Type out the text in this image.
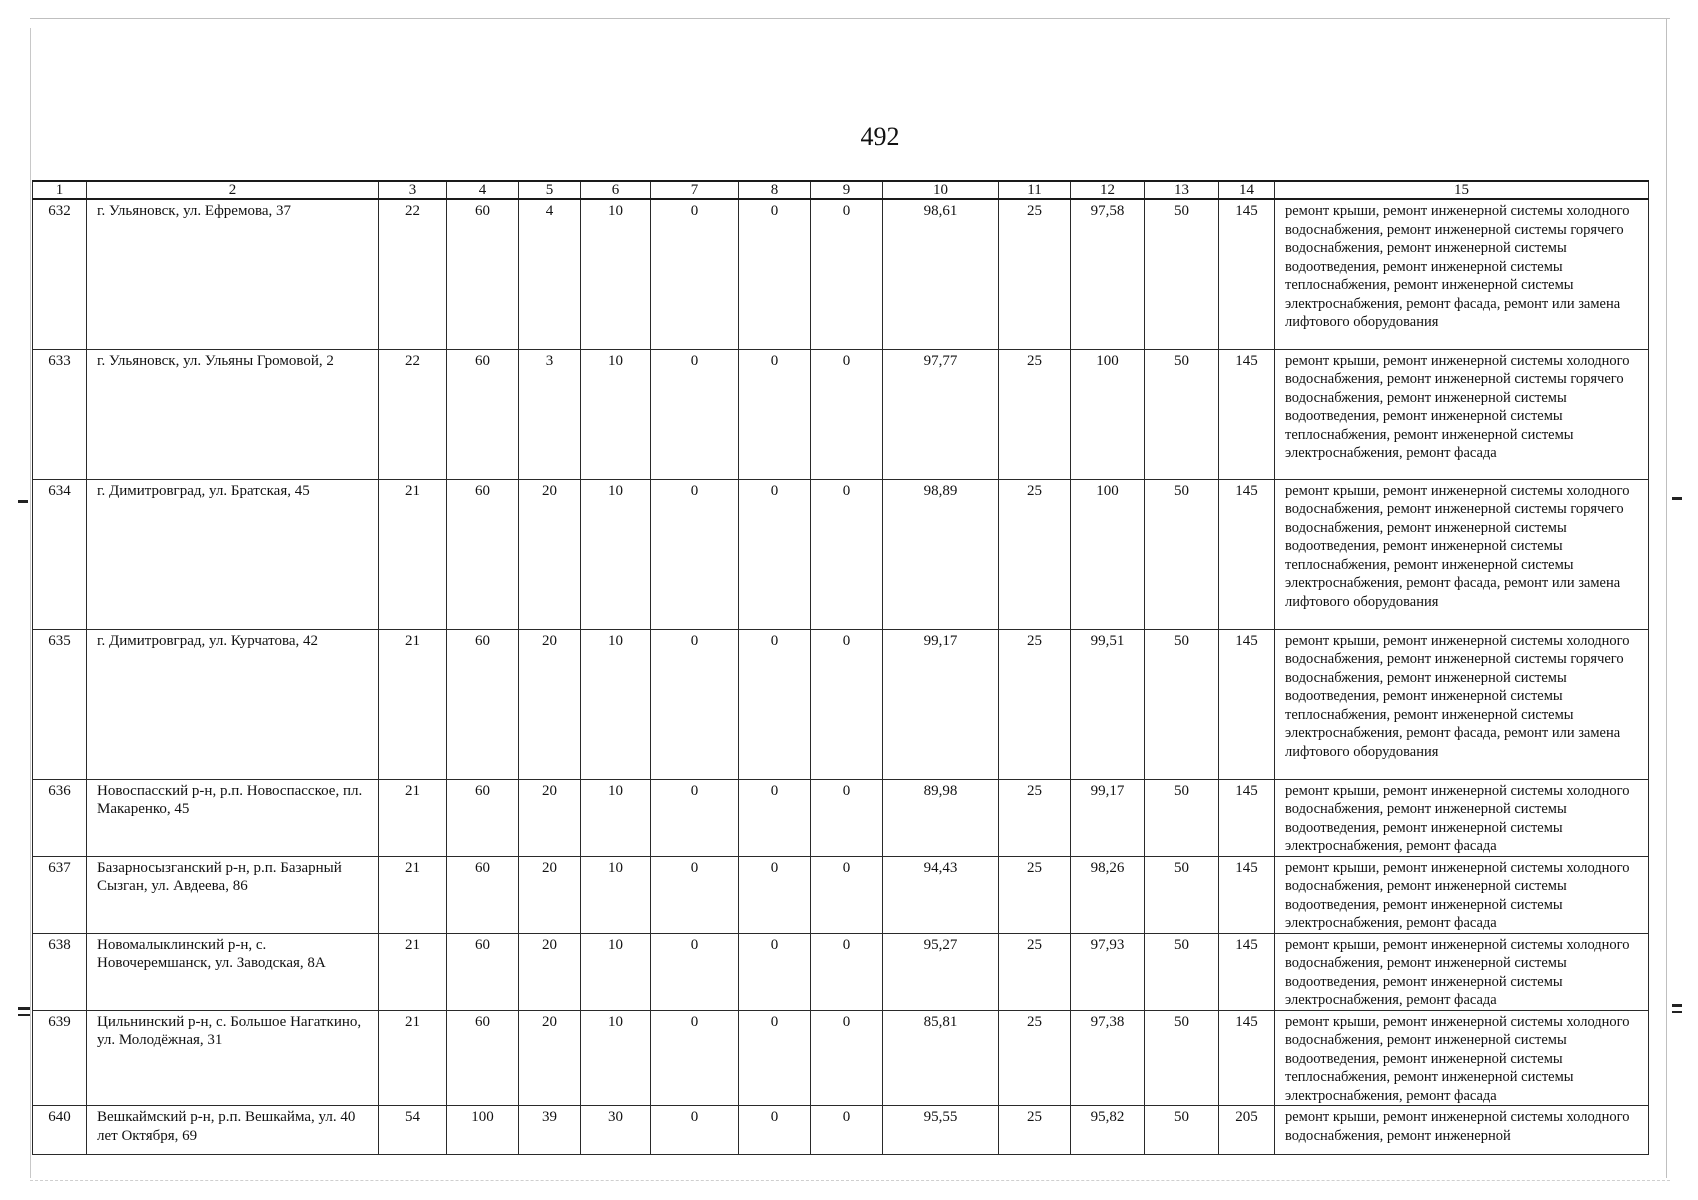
492
1	2	3	4	5	6	7	8	9	10	11	12	13	14	15
632	г. Ульяновск, ул. Ефремова, 37	22	60	4	10	0	0	0	98,61	25	97,58	50	145	ремонт крыши, ремонт инженерной системы холодного водоснабжения, ремонт инженерной системы горячего водоснабжения, ремонт инженерной системы водоотведения, ремонт инженерной системы теплоснабжения, ремонт инженерной системы электроснабжения, ремонт фасада, ремонт или замена лифтового оборудования
633	г. Ульяновск, ул. Ульяны Громовой, 2	22	60	3	10	0	0	0	97,77	25	100	50	145	ремонт крыши, ремонт инженерной системы холодного водоснабжения, ремонт инженерной системы горячего водоснабжения, ремонт инженерной системы водоотведения, ремонт инженерной системы теплоснабжения, ремонт инженерной системы электроснабжения, ремонт фасада
634	г. Димитровград, ул. Братская, 45	21	60	20	10	0	0	0	98,89	25	100	50	145	ремонт крыши, ремонт инженерной системы холодного водоснабжения, ремонт инженерной системы горячего водоснабжения, ремонт инженерной системы водоотведения, ремонт инженерной системы теплоснабжения, ремонт инженерной системы электроснабжения, ремонт фасада, ремонт или замена лифтового оборудования
635	г. Димитровград, ул. Курчатова, 42	21	60	20	10	0	0	0	99,17	25	99,51	50	145	ремонт крыши, ремонт инженерной системы холодного водоснабжения, ремонт инженерной системы горячего водоснабжения, ремонт инженерной системы водоотведения, ремонт инженерной системы теплоснабжения, ремонт инженерной системы электроснабжения, ремонт фасада, ремонт или замена лифтового оборудования
636	Новоспасский р-н, р.п. Новоспасское, пл. Макаренко, 45	21	60	20	10	0	0	0	89,98	25	99,17	50	145	ремонт крыши, ремонт инженерной системы холодного водоснабжения, ремонт инженерной системы водоотведения, ремонт инженерной системы электроснабжения, ремонт фасада
637	Базарносызганский р-н, р.п. Базарный Сызган, ул. Авдеева, 86	21	60	20	10	0	0	0	94,43	25	98,26	50	145	ремонт крыши, ремонт инженерной системы холодного водоснабжения, ремонт инженерной системы водоотведения, ремонт инженерной системы электроснабжения, ремонт фасада
638	Новомалыклинский р-н, с. Новочеремшанск, ул. Заводская, 8А	21	60	20	10	0	0	0	95,27	25	97,93	50	145	ремонт крыши, ремонт инженерной системы холодного водоснабжения, ремонт инженерной системы водоотведения, ремонт инженерной системы электроснабжения, ремонт фасада
639	Цильнинский р-н, с. Большое Нагаткино, ул. Молодёжная, 31	21	60	20	10	0	0	0	85,81	25	97,38	50	145	ремонт крыши, ремонт инженерной системы холодного водоснабжения, ремонт инженерной системы водоотведения, ремонт инженерной системы теплоснабжения, ремонт инженерной системы электроснабжения, ремонт фасада
640	Вешкаймский р-н, р.п. Вешкайма, ул. 40 лет Октября, 69	54	100	39	30	0	0	0	95,55	25	95,82	50	205	ремонт крыши, ремонт инженерной системы холодного водоснабжения, ремонт инженерной
